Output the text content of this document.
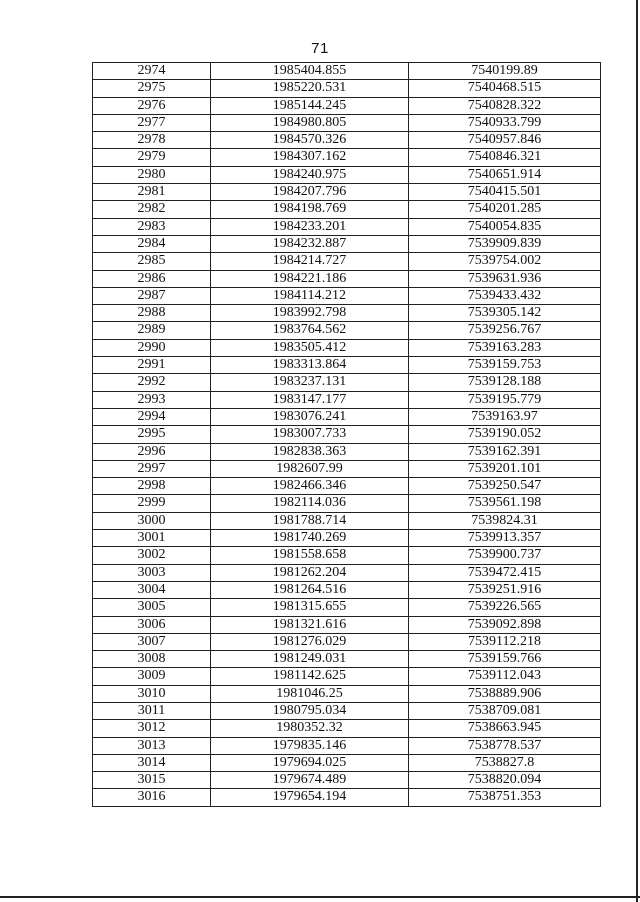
71
2974	1985404.855	7540199.89
2975	1985220.531	7540468.515
2976	1985144.245	7540828.322
2977	1984980.805	7540933.799
2978	1984570.326	7540957.846
2979	1984307.162	7540846.321
2980	1984240.975	7540651.914
2981	1984207.796	7540415.501
2982	1984198.769	7540201.285
2983	1984233.201	7540054.835
2984	1984232.887	7539909.839
2985	1984214.727	7539754.002
2986	1984221.186	7539631.936
2987	1984114.212	7539433.432
2988	1983992.798	7539305.142
2989	1983764.562	7539256.767
2990	1983505.412	7539163.283
2991	1983313.864	7539159.753
2992	1983237.131	7539128.188
2993	1983147.177	7539195.779
2994	1983076.241	7539163.97
2995	1983007.733	7539190.052
2996	1982838.363	7539162.391
2997	1982607.99	7539201.101
2998	1982466.346	7539250.547
2999	1982114.036	7539561.198
3000	1981788.714	7539824.31
3001	1981740.269	7539913.357
3002	1981558.658	7539900.737
3003	1981262.204	7539472.415
3004	1981264.516	7539251.916
3005	1981315.655	7539226.565
3006	1981321.616	7539092.898
3007	1981276.029	7539112.218
3008	1981249.031	7539159.766
3009	1981142.625	7539112.043
3010	1981046.25	7538889.906
3011	1980795.034	7538709.081
3012	1980352.32	7538663.945
3013	1979835.146	7538778.537
3014	1979694.025	7538827.8
3015	1979674.489	7538820.094
3016	1979654.194	7538751.353
